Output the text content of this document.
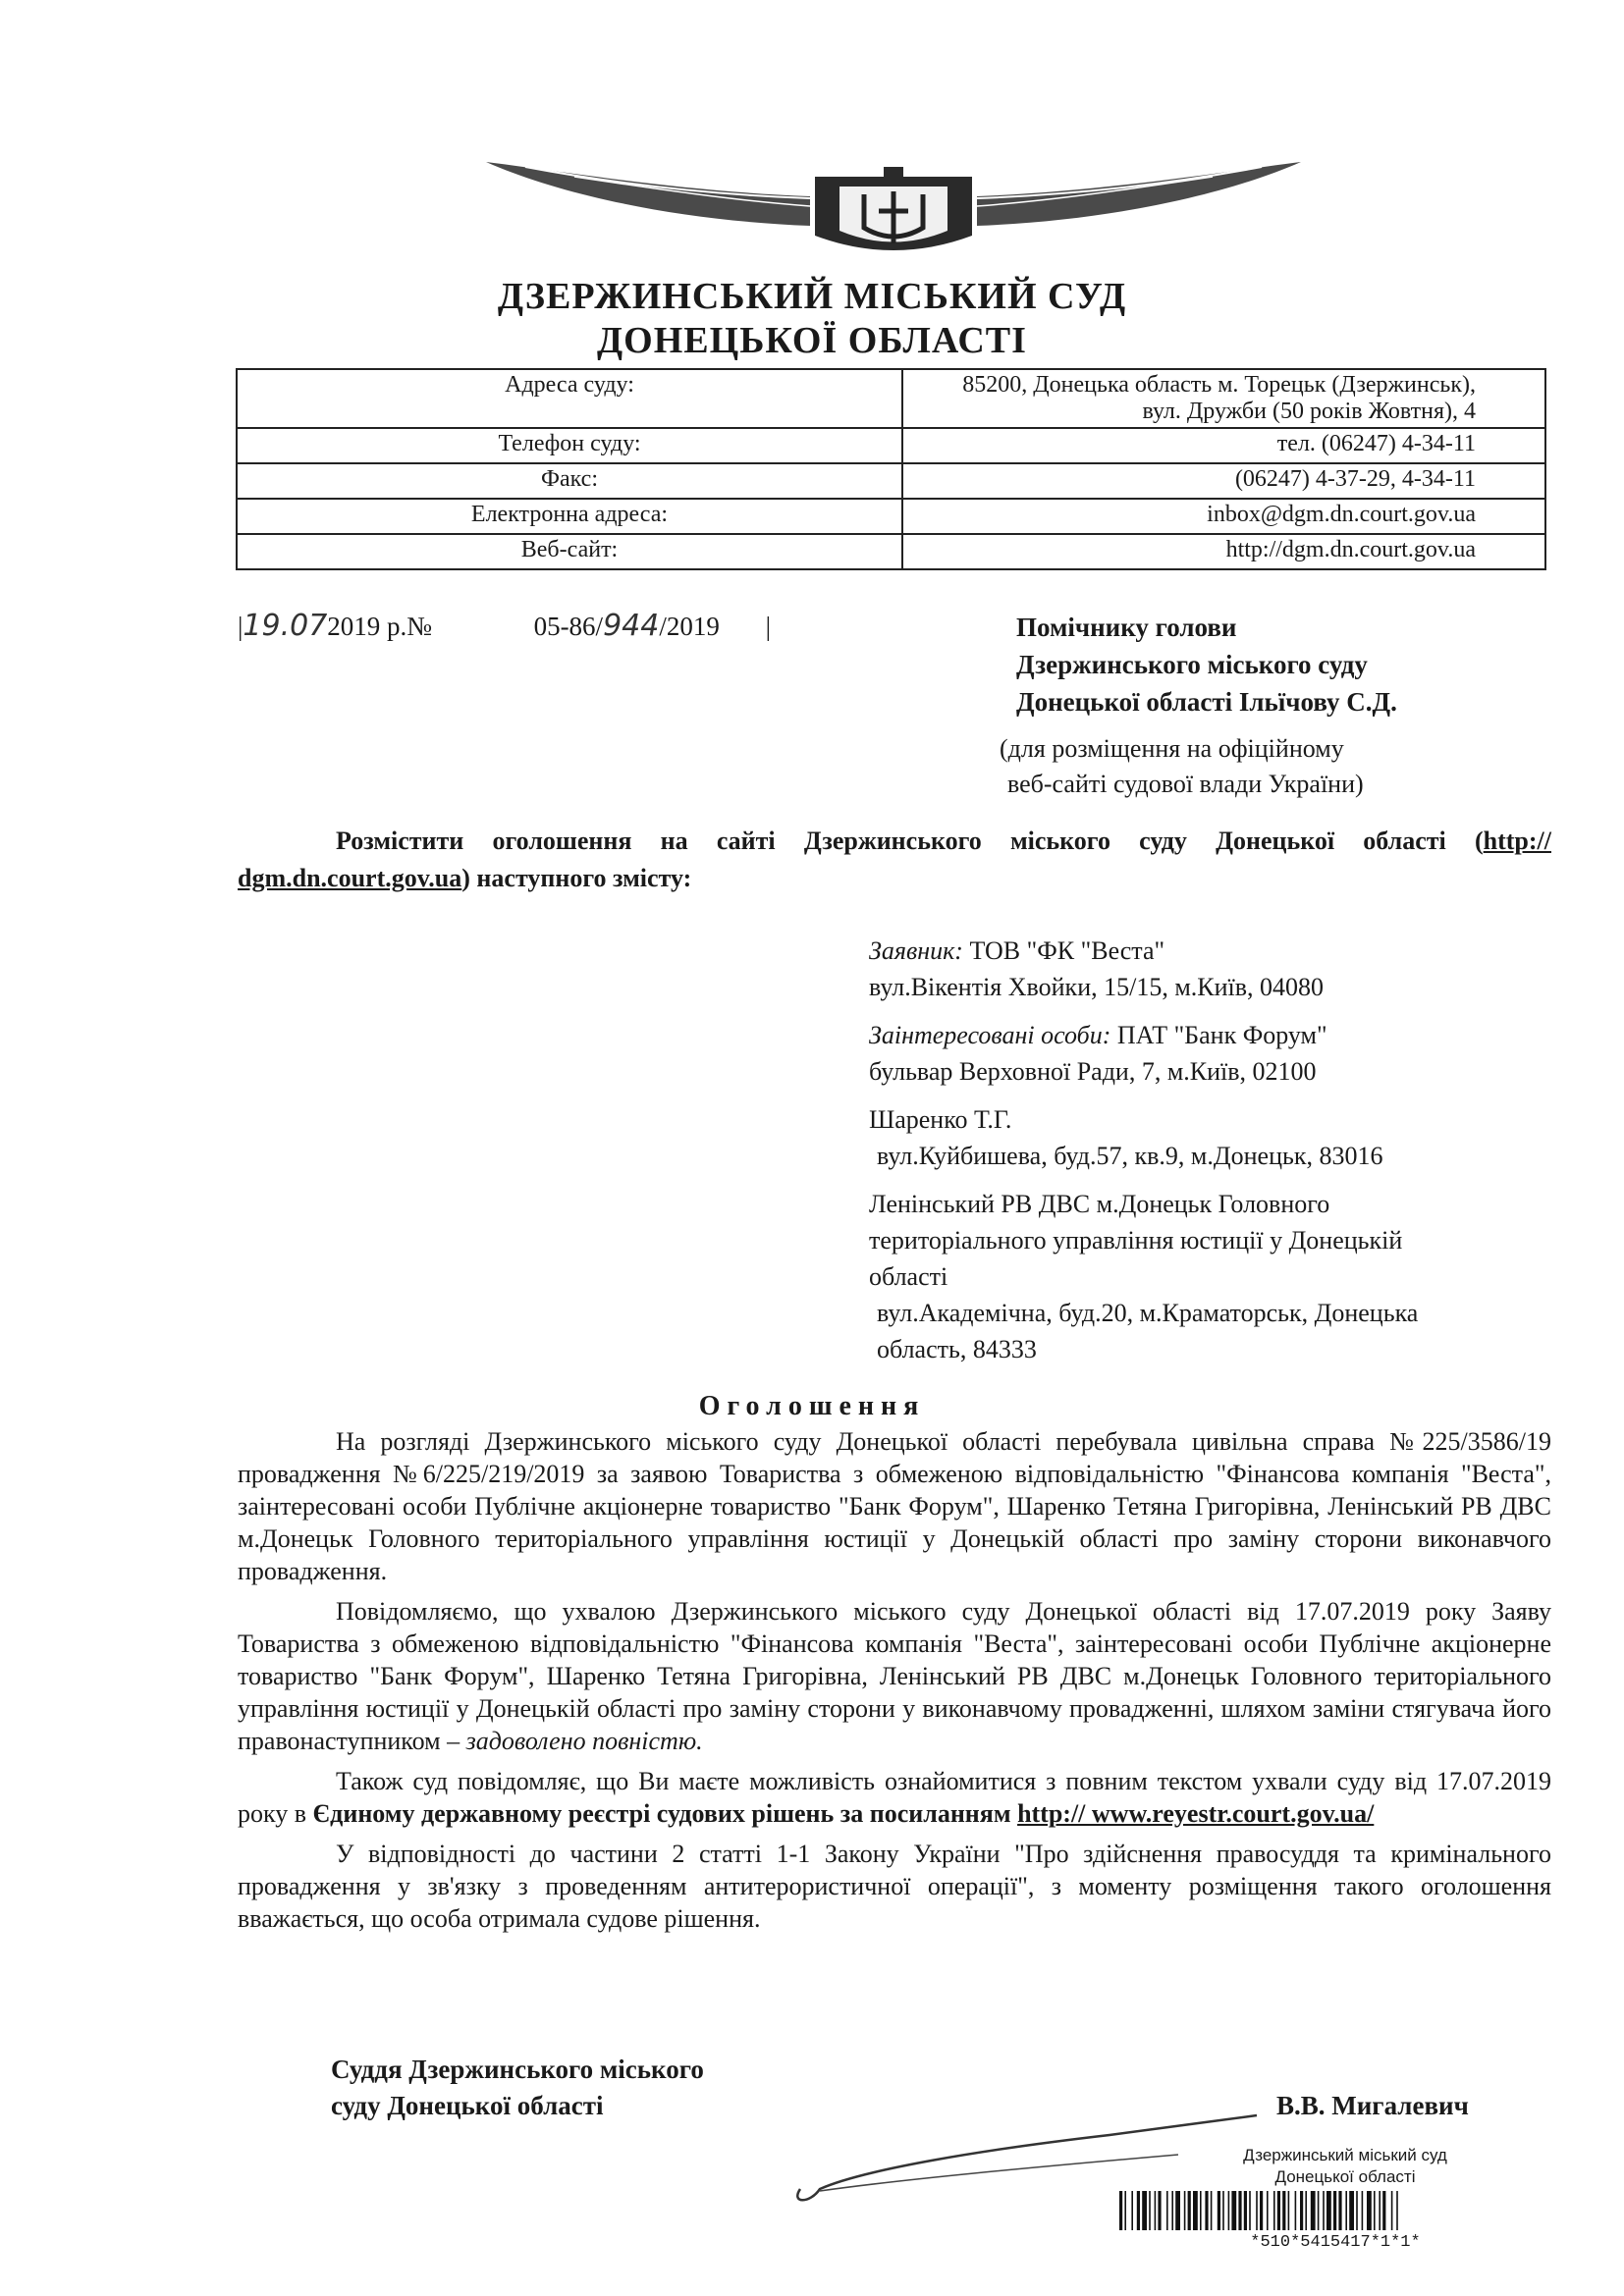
ДЗЕРЖИНСЬКИЙ МІСЬКИЙ СУД
ДОНЕЦЬКОЇ ОБЛАСТІ
Адреса суду:	85200, Донецька область м. Торецьк (Дзержинськ),
вул. Дружби (50 років Жовтня), 4

Телефон суду:	тел. (06247) 4-34-11
Факс:	(06247) 4-37-29, 4-34-11
Електронна адреса:	inbox@dgm.dn.court.gov.ua
Веб-сайт:	http://dgm.dn.court.gov.ua
|19.072019 р.№	05-86/944/2019 |	Помічнику голови
Дзержинського міського суду
Донецької області Ільїчову С.Д.
(для розміщення на офіційному
веб-сайті судової влади України)
Розмістити оголошення на сайті Дзержинського міського суду Донецької області (http:// dgm.dn.court.gov.ua) наступного змісту:
Заявник: ТОВ "ФК "Веста"
вул.Вікентія Хвойки, 15/15, м.Київ, 04080
Заінтересовані особи: ПАТ "Банк Форум"
бульвар Верховної Ради, 7, м.Київ, 02100
Шаренко Т.Г.
вул.Куйбишева, буд.57, кв.9, м.Донецьк, 83016
Ленінський РВ ДВС м.Донецьк Головного
територіального управління юстиції у Донецькій
області
вул.Академічна, буд.20, м.Краматорськ, Донецька
область, 84333
Оголошення

На розгляді Дзержинського міського суду Донецької області перебувала цивільна справа №225/3586/19 провадження №6/225/219/2019 за заявою Товариства з обмеженою відповідальністю "Фінансова компанія "Веста", заінтересовані особи Публічне акціонерне товариство "Банк Форум", Шаренко Тетяна Григорівна, Ленінський РВ ДВС м.Донецьк Головного територіального управління юстиції у Донецькій області про заміну сторони виконавчого провадження.

Повідомляємо, що ухвалою Дзержинського міського суду Донецької області від 17.07.2019 року Заяву Товариства з обмеженою відповідальністю "Фінансова компанія "Веста", заінтересовані особи Публічне акціонерне товариство "Банк Форум", Шаренко Тетяна Григорівна, Ленінський РВ ДВС м.Донецьк Головного територіального управління юстиції у Донецькій області про заміну сторони у виконавчому провадженні, шляхом заміни стягувача його правонаступником – задоволено повністю.

Також суд повідомляє, що Ви маєте можливість ознайомитися з повним текстом ухвали суду від 17.07.2019 року в Єдиному державному реєстрі судових рішень за посиланням http:// www.reyestr.court.gov.ua/

У відповідності до частини 2 статті 1-1 Закону України "Про здійснення правосуддя та кримінального провадження у зв'язку з проведенням антитерористичної операції", з моменту розміщення такого оголошення вважається, що особа отримала судове рішення.

Суддя Дзержинського міського
суду Донецької області	В.В. Мигалевич
Дзержинський міський суд
Донецької області
*510*5415417*1*1*
